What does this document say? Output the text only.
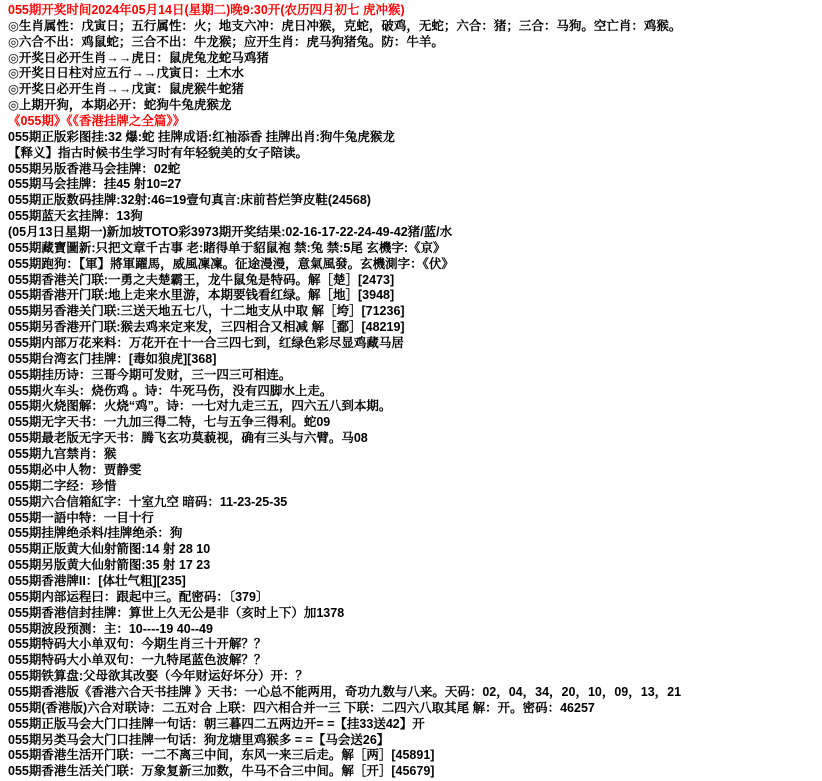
055期开奖时间2024年05月14日(星期二)晚9:30开(农历四月初七 虎冲猴)
◎生肖属性：戊寅日；五行属性：火；地支六冲：虎日冲猴，克蛇，破鸡，无蛇；六合：猪；三合：马狗。空亡肖：鸡猴。
◎六合不出：鸡鼠蛇；三合不出：牛龙猴；应开生肖：虎马狗猪兔。防：牛羊。
◎开奖日必开生肖→→虎日：鼠虎兔龙蛇马鸡猪
◎开奖日日柱对应五行→→戊寅日：土木水
◎开奖日必开生肖→→戊寅：鼠虎猴牛蛇猪
◎上期开狗，本期必开：蛇狗牛兔虎猴龙
《055期》《《香港挂牌之全篇》》
055期正版彩图挂:32 爆:蛇 挂牌成语:红袖添香 挂牌出肖:狗牛兔虎猴龙
【释义】指古时候书生学习时有年轻貌美的女子陪读。
055期另版香港马会挂牌：02蛇
055期马会挂牌：挂45 射10=27
055期正版数码挂牌:32射:46=19壹句真言:床前苔烂笋皮鞋(24568)
055期蓝天玄挂牌：13狗
(05月13日星期一)新加坡TOTO彩3973期开奖结果:02-16-17-22-24-49-42猪/蓝/水
055期藏寶圖新:只把文章千古事 老:賭得单于貂鼠袍 禁:兔 禁:5尾 玄機字:《京》
055期跑狗：【軍】將軍躍馬，威風凜凜。征途漫漫，意氣風發。玄機測字：《伏》
055期香港关门联:一勇之夫楚霸王，龙牛鼠兔是特码。解［楚］[2473]
055期香港开门联:地上走来水里游，本期要钱看红绿。解［地］[3948]
055期另香港关门联:三送天地五七八，十二地支从中取 解［垮］[71236]
055期另香港开门联:猴去鸡来定来发，三四相合又相减 解［鄱］[48219]
055期内部万花来料：万花开在十一合三四七到，红绿色彩尽显鸡藏马居
055期台湾玄门挂牌：[毒如狼虎][368]
055期挂历诗：三哥今期可发财，三一四三可相连。
055期火车头：烧伤鸡 。诗：牛死马伤，没有四脚水上走。
055期火烧图解：火烧“鸡”。诗：一七对九走三五，四六五八到本期。
055期无字天书：一九加三得二特，七与五争三得利。蛇09
055期最老版无字天书：腾飞玄功莫藐视，确有三头与六臂。马08
055期九宫禁肖：猴
055期必中人物：贾静雯
055期二字经：珍惜
055期六合信箱紅字：十室九空 暗码：11-23-25-35
055期一語中特：一目十行
055期挂牌绝杀料/挂牌绝杀：狗
055期正版黄大仙射箭图:14 射 28 10
055期另版黄大仙射箭图:35 射 17 23
055期香港牌II：[体壮气粗][235]
055期内部运程曰：跟起中三。配密码：〔379〕
055期香港信封挂牌：算世上久无公是非（亥时上下）加1378
055期波段预测：主：10----19 40--49
055期特码大小单双句：今期生肖三十开解？？
055期特码大小单双句：一九特尾蓝色波解？？
055期铁算盘:父母欲其改娶（今年财运好坏分）开：？
055期香港版《香港六合天书挂牌 》天书：一心总不能两用，奇功九数与八来。天码：02，04，34，20，10，09，13，21
055期(香港版)六合对联诗：二五对合 上联：四六相合并一三 下联：二四六八取其尾 解：开。密码：46257
055期正版马会大门口挂牌一句话：朝三暮四二五两边开= =【挂33送42】开
055期另类马会大门口挂牌一句话：狗龙塘里鸡猴多 = =【马会送26】
055期香港生活开门联：一二不离三中间，东风一来三后走。解［两］[45891]
055期香港生活关门联：万象复新三加数，牛马不合三中间。解［开］[45679]
